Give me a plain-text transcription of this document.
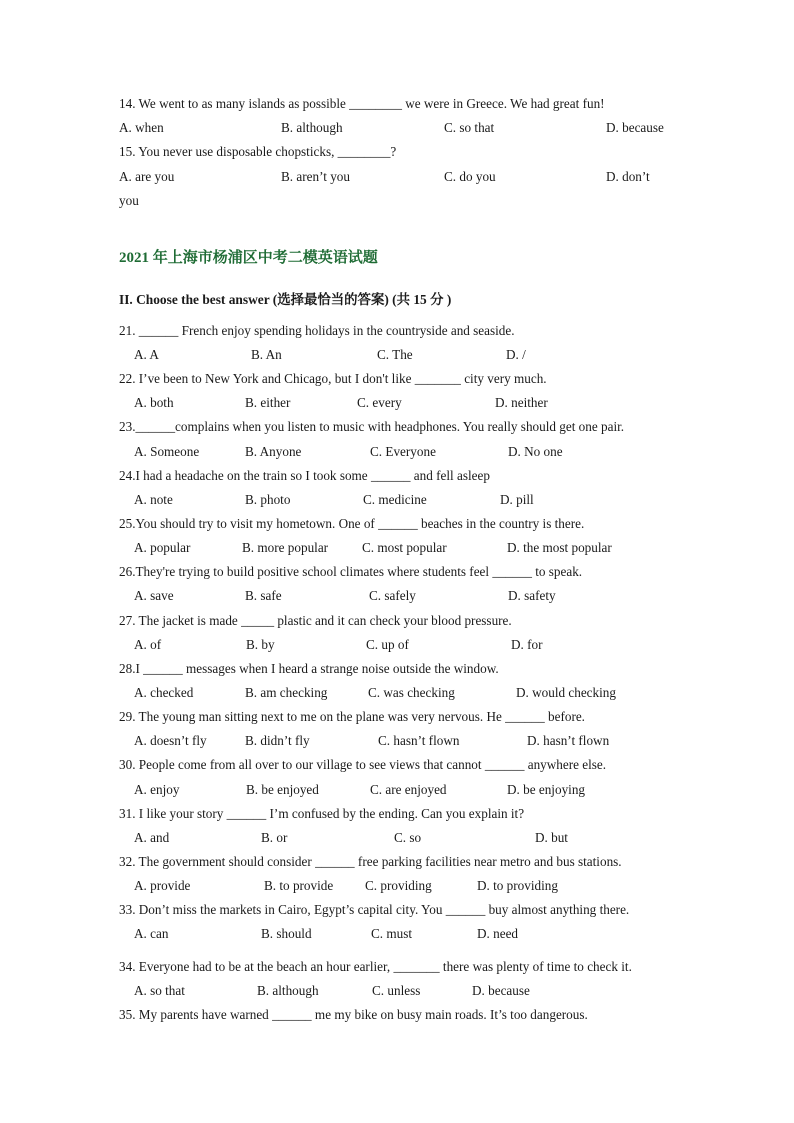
14. We went to as many islands as possible ________ we were in Greece. We had great fun!
A. when	B. although	C. so that	D. because
15. You never use disposable chopsticks, ________?
A. are you	B. aren’t you	C. do you	D. don’t
you
2021 年上海市杨浦区中考二模英语试题
II. Choose the best answer (选择最恰当的答案) (共 15 分 )
21. ______ French enjoy spending holidays in the countryside and seaside.
A. A	B. An	C. The	D. /
22. I’ve been to New York and Chicago, but I don't like _______ city very much.
A. both	B. either	C. every	D. neither
23.______complains when you listen to music with headphones. You really should get one pair.
A. Someone	B. Anyone	C. Everyone	D. No one
24.I had a headache on the train so I took some ______ and fell asleep
A. note	B. photo	C. medicine	D. pill
25.You should try to visit my hometown. One of ______ beaches in the country is there.
A. popular	B. more popular	C. most popular	D. the most popular
26.They're trying to build positive school climates where students feel ______ to speak.
A. save	B. safe	C. safely	D. safety
27. The jacket is made _____ plastic and it can check your blood pressure.
A. of	B. by	C. up of	D. for
28.I ______ messages when I heard a strange noise outside the window.
A. checked	B. am checking	C. was checking	D. would checking
29. The young man sitting next to me on the plane was very nervous. He ______ before.
A. doesn’t fly	B. didn’t fly	C. hasn’t flown	D. hasn’t flown
30. People come from all over to our village to see views that cannot ______ anywhere else.
A. enjoy	B. be enjoyed	C. are enjoyed	D. be enjoying
31. I like your story ______ I’m confused by the ending. Can you explain it?
A. and	B. or	C. so	D. but
32. The government should consider ______ free parking facilities near metro and bus stations.
A. provide	B. to provide C. providing	D. to providing
33. Don’t miss the markets in Cairo, Egypt’s capital city. You ______ buy almost anything there.
A. can	B. should	C. must	D. need
34. Everyone had to be at the beach an hour earlier, _______ there was plenty of time to check it.
A. so that	B. although	C. unless	D. because
35. My parents have warned ______ me my bike on busy main roads. It’s too dangerous.
